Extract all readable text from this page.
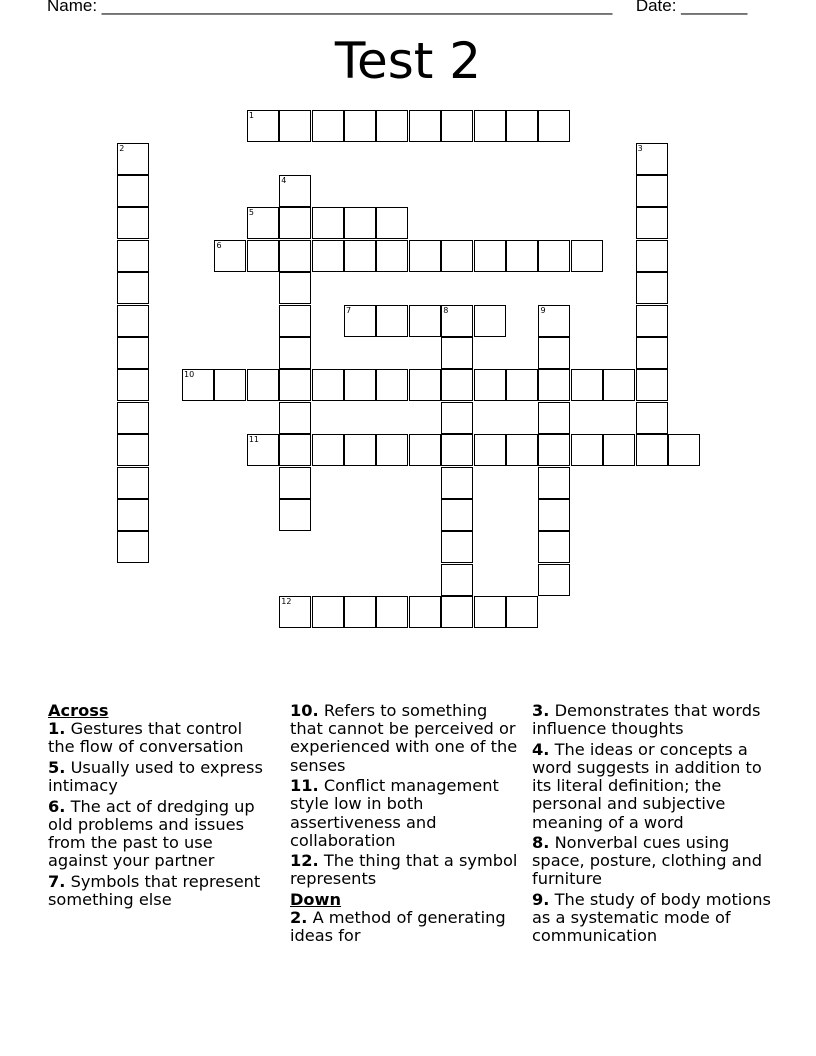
Name: ______________________________________________________ Date: _______
Test 2
1
2	3
4
5
6
7	8	9
10
11
12
Across
1. Gestures that control the flow of conversation
5. Usually used to express intimacy
6. The act of dredging up old problems and issues from the past to use against your partner
7. Symbols that represent something else
10. Refers to something that cannot be perceived or experienced with one of the senses
11. Conflict management style low in both assertiveness and collaboration
12. The thing that a symbol represents
Down
2. A method of generating ideas for
3. Demonstrates that words influence thoughts
4. The ideas or concepts a word suggests in addition to its literal definition; the personal and subjective meaning of a word
8. Nonverbal cues using space, posture, clothing and furniture
9. The study of body motions as a systematic mode of communication
